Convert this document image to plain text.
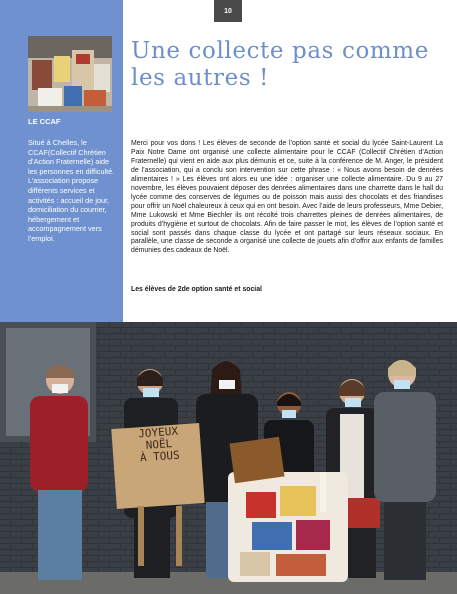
10
LE CCAF
Situé à Chelles, le CCAF(Collectif Chrétien d’Action Fraternelle) aide les personnes en difficulté. L’association propose différents services et activités : accueil de jour, domiciliation du courrier, hébergement et accompagnement vers l’emploi.
Une collecte pas comme les autres !
Merci pour vos dons ! Les élèves de seconde de l’option santé et social du lycée Saint-Laurent La Paix Notre Dame ont organisé une collecte alimentaire pour le CCAF (Collectif Chrétien d’Action Fraternelle) qui vient en aide aux plus démunis et ce, suite à la conférence de M. Anger, le président de l’association, qui a conclu son intervention sur cette phrase : « Nous avons besoin de denrées alimentaires ! » Les élèves ont alors eu une idée : organiser une collecte alimentaire. Du 9 au 27 novembre, les élèves pouvaient déposer des denrées alimentaires dans une charrette dans le hall du lycée comme des conserves de légumes ou de poisson mais aussi des chocolats et des friandises pour offrir un Noël chaleureux à ceux qui en ont besoin. Avec l’aide de leurs professeurs, Mme Debier, Mme Lukowski et Mme Biechler ils ont récolté trois charrettes pleines de denrées alimentaires, de produits d’hygiène et surtout de chocolats. Afin de faire passer le mot, les élèves de l’option santé et social sont passés dans chaque classe du lycée et ont partagé sur leurs réseaux sociaux. En parallèle, une classe de seconde a organisé une collecte de jouets afin d’offrir aux enfants de familles démunies des cadeaux de Noël.
Les élèves de 2de option santé et social
JOYEUX
NOËL
À TOUS
